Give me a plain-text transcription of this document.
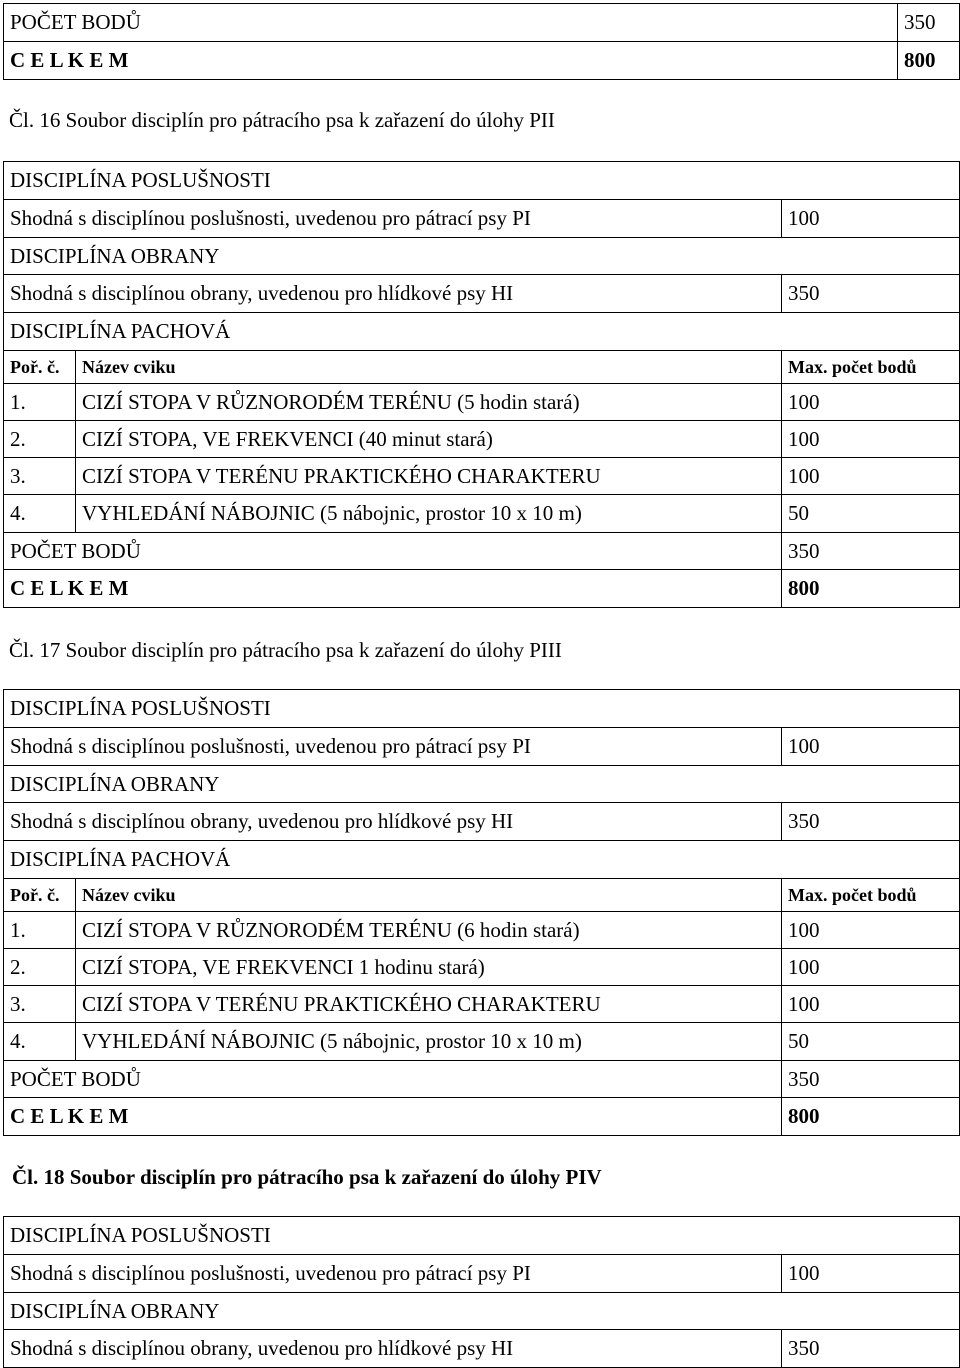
POČET BODŮ	350
C E L K E M	800
Čl. 16 Soubor disciplín pro pátracího psa k zařazení do úlohy PII
DISCIPLÍNA POSLUŠNOSTI		
Shodná s disciplínou poslušnosti, uvedenou pro pátrací psy PI		100
DISCIPLÍNA OBRANY		
Shodná s disciplínou obrany, uvedenou pro hlídkové psy HI		350
DISCIPLÍNA PACHOVÁ		
Poř. č.	Název cviku	Max. počet bodů
1.	CIZÍ STOPA V RŮZNORODÉM TERÉNU (5 hodin stará)	100
2.	CIZÍ STOPA, VE FREKVENCI (40 minut stará)	100
3.	CIZÍ STOPA V TERÉNU PRAKTICKÉHO CHARAKTERU	100
4.	VYHLEDÁNÍ NÁBOJNIC (5 nábojnic, prostor 10 x 10 m)	50
POČET BODŮ		350
C E L K E M		800
Čl. 17 Soubor disciplín pro pátracího psa k zařazení do úlohy PIII
DISCIPLÍNA POSLUŠNOSTI		
Shodná s disciplínou poslušnosti, uvedenou pro pátrací psy PI		100
DISCIPLÍNA OBRANY		
Shodná s disciplínou obrany, uvedenou pro hlídkové psy HI		350
DISCIPLÍNA PACHOVÁ		
Poř. č.	Název cviku	Max. počet bodů
1.	CIZÍ STOPA V RŮZNORODÉM TERÉNU (6 hodin stará)	100
2.	CIZÍ STOPA, VE FREKVENCI 1 hodinu stará)	100
3.	CIZÍ STOPA V TERÉNU PRAKTICKÉHO CHARAKTERU	100
4.	VYHLEDÁNÍ NÁBOJNIC (5 nábojnic, prostor 10 x 10 m)	50
POČET BODŮ		350
C E L K E M		800
Čl. 18 Soubor disciplín pro pátracího psa k zařazení do úlohy PIV
DISCIPLÍNA POSLUŠNOSTI	
Shodná s disciplínou poslušnosti, uvedenou pro pátrací psy PI	100
DISCIPLÍNA OBRANY	
Shodná s disciplínou obrany, uvedenou pro hlídkové psy HI	350
